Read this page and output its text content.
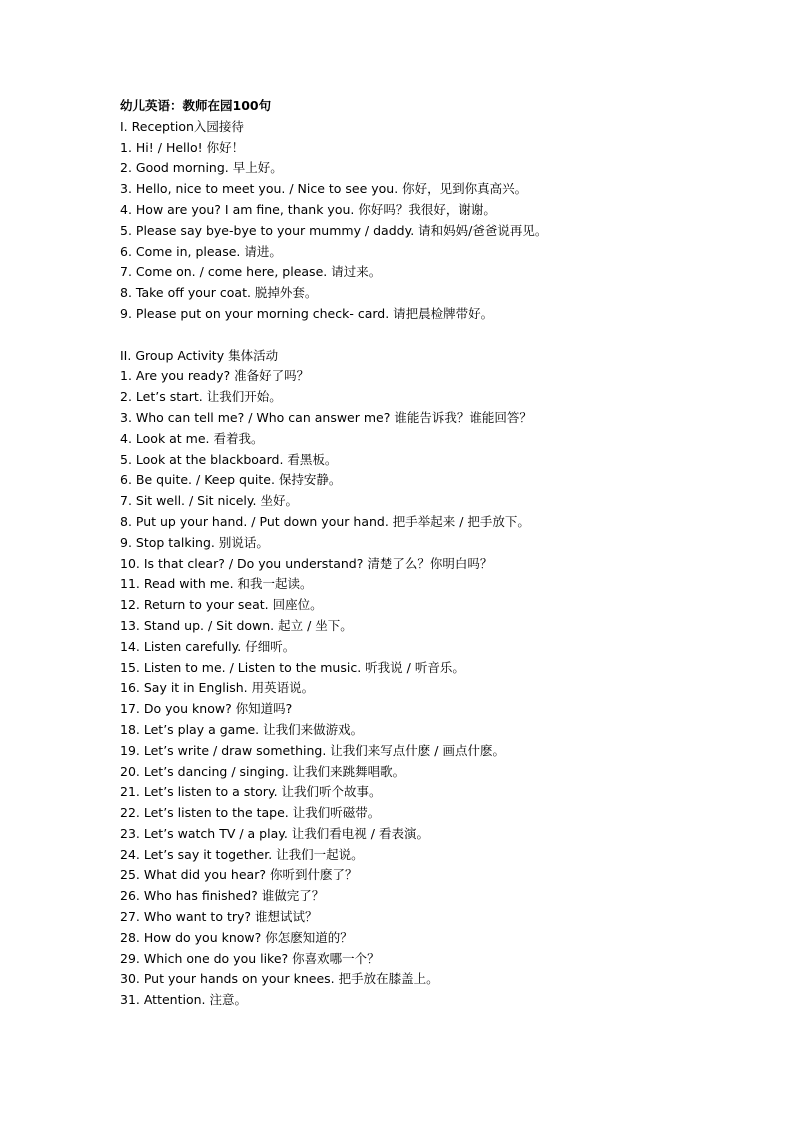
幼儿英语：教师在园100句
I. Reception入园接待
1. Hi! / Hello! 你好！
2. Good morning. 早上好。
3. Hello, nice to meet you. / Nice to see you. 你好，见到你真高兴。
4. How are you? I am fine, thank you. 你好吗？我很好，谢谢。
5. Please say bye-bye to your mummy / daddy. 请和妈妈/爸爸说再见。
6. Come in, please. 请进。
7. Come on. / come here, please. 请过来。
8. Take off your coat. 脱掉外套。
9. Please put on your morning check- card. 请把晨检牌带好。
II. Group Activity 集体活动
1. Are you ready? 准备好了吗？
2. Let’s start. 让我们开始。
3. Who can tell me? / Who can answer me? 谁能告诉我？谁能回答？
4. Look at me. 看着我。
5. Look at the blackboard. 看黑板。
6. Be quite. / Keep quite. 保持安静。
7. Sit well. / Sit nicely. 坐好。
8. Put up your hand. / Put down your hand. 把手举起来 / 把手放下。
9. Stop talking. 别说话。
10. Is that clear? / Do you understand? 清楚了么？你明白吗？
11. Read with me. 和我一起读。
12. Return to your seat. 回座位。
13. Stand up. / Sit down. 起立 / 坐下。
14. Listen carefully. 仔细听。
15. Listen to me. / Listen to the music. 听我说 / 听音乐。
16. Say it in English. 用英语说。
17. Do you know? 你知道吗?
18. Let’s play a game. 让我们来做游戏。
19. Let’s write / draw something. 让我们来写点什麽 / 画点什麽。
20. Let’s dancing / singing. 让我们来跳舞唱歌。
21. Let’s listen to a story. 让我们听个故事。
22. Let’s listen to the tape. 让我们听磁带。
23. Let’s watch TV / a play. 让我们看电视 / 看表演。
24. Let’s say it together. 让我们一起说。
25. What did you hear? 你听到什麽了？
26. Who has finished? 谁做完了？
27. Who want to try? 谁想试试？
28. How do you know? 你怎麽知道的？
29. Which one do you like? 你喜欢哪一个？
30. Put your hands on your knees. 把手放在膝盖上。
31. Attention. 注意。
